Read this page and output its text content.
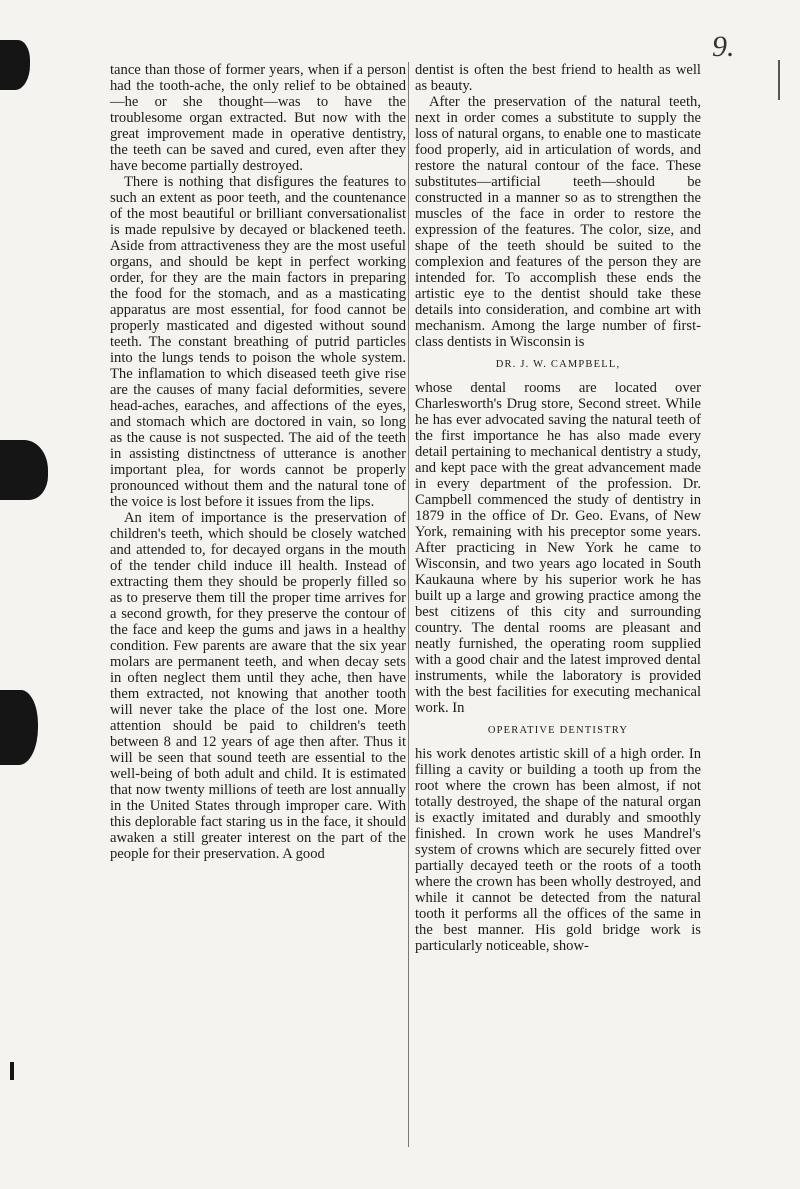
9.

tance than those of former years, when if a person had the tooth-ache, the only relief to be obtained—he or she thought—was to have the troublesome organ extracted. But now with the great improvement made in operative dentistry, the teeth can be saved and cured, even after they have become partially destroyed.

There is nothing that disfigures the features to such an extent as poor teeth, and the countenance of the most beautiful or brilliant conversationalist is made repulsive by decayed or blackened teeth. Aside from attractiveness they are the most useful organs, and should be kept in perfect working order, for they are the main factors in preparing the food for the stomach, and as a masticating apparatus are most essential, for food cannot be properly masticated and digested without sound teeth. The constant breathing of putrid particles into the lungs tends to poison the whole system. The inflamation to which diseased teeth give rise are the causes of many facial deformities, severe head-aches, earaches, and affections of the eyes, and stomach which are doctored in vain, so long as the cause is not suspected. The aid of the teeth in assisting distinctness of utterance is another important plea, for words cannot be properly pronounced without them and the natural tone of the voice is lost before it issues from the lips.

An item of importance is the preservation of children's teeth, which should be closely watched and attended to, for decayed organs in the mouth of the tender child induce ill health. Instead of extracting them they should be properly filled so as to preserve them till the proper time arrives for a second growth, for they preserve the contour of the face and keep the gums and jaws in a healthy condition. Few parents are aware that the six year molars are permanent teeth, and when decay sets in often neglect them until they ache, then have them extracted, not knowing that another tooth will never take the place of the lost one. More attention should be paid to children's teeth between 8 and 12 years of age then after. Thus it will be seen that sound teeth are essential to the well-being of both adult and child. It is estimated that now twenty millions of teeth are lost annually in the United States through improper care. With this deplorable fact staring us in the face, it should awaken a still greater interest on the part of the people for their preservation. A good

dentist is often the best friend to health as well as beauty.

After the preservation of the natural teeth, next in order comes a substitute to supply the loss of natural organs, to enable one to masticate food properly, aid in articulation of words, and restore the natural contour of the face. These substitutes—artificial teeth—should be constructed in a manner so as to strengthen the muscles of the face in order to restore the expression of the features. The color, size, and shape of the teeth should be suited to the complexion and features of the person they are intended for. To accomplish these ends the artistic eye to the dentist should take these details into consideration, and combine art with mechanism. Among the large number of first-class dentists in Wisconsin is

DR. J. W. CAMPBELL,

whose dental rooms are located over Charlesworth's Drug store, Second street. While he has ever advocated saving the natural teeth of the first importance he has also made every detail pertaining to mechanical dentistry a study, and kept pace with the great advancement made in every department of the profession. Dr. Campbell commenced the study of dentistry in 1879 in the office of Dr. Geo. Evans, of New York, remaining with his preceptor some years. After practicing in New York he came to Wisconsin, and two years ago located in South Kaukauna where by his superior work he has built up a large and growing practice among the best citizens of this city and surrounding country. The dental rooms are pleasant and neatly furnished, the operating room supplied with a good chair and the latest improved dental instruments, while the laboratory is provided with the best facilities for executing mechanical work. In

OPERATIVE DENTISTRY

his work denotes artistic skill of a high order. In filling a cavity or building a tooth up from the root where the crown has been almost, if not totally destroyed, the shape of the natural organ is exactly imitated and durably and smoothly finished. In crown work he uses Mandrel's system of crowns which are securely fitted over partially decayed teeth or the roots of a tooth where the crown has been wholly destroyed, and while it cannot be detected from the natural tooth it performs all the offices of the same in the best manner. His gold bridge work is particularly noticeable, show-
